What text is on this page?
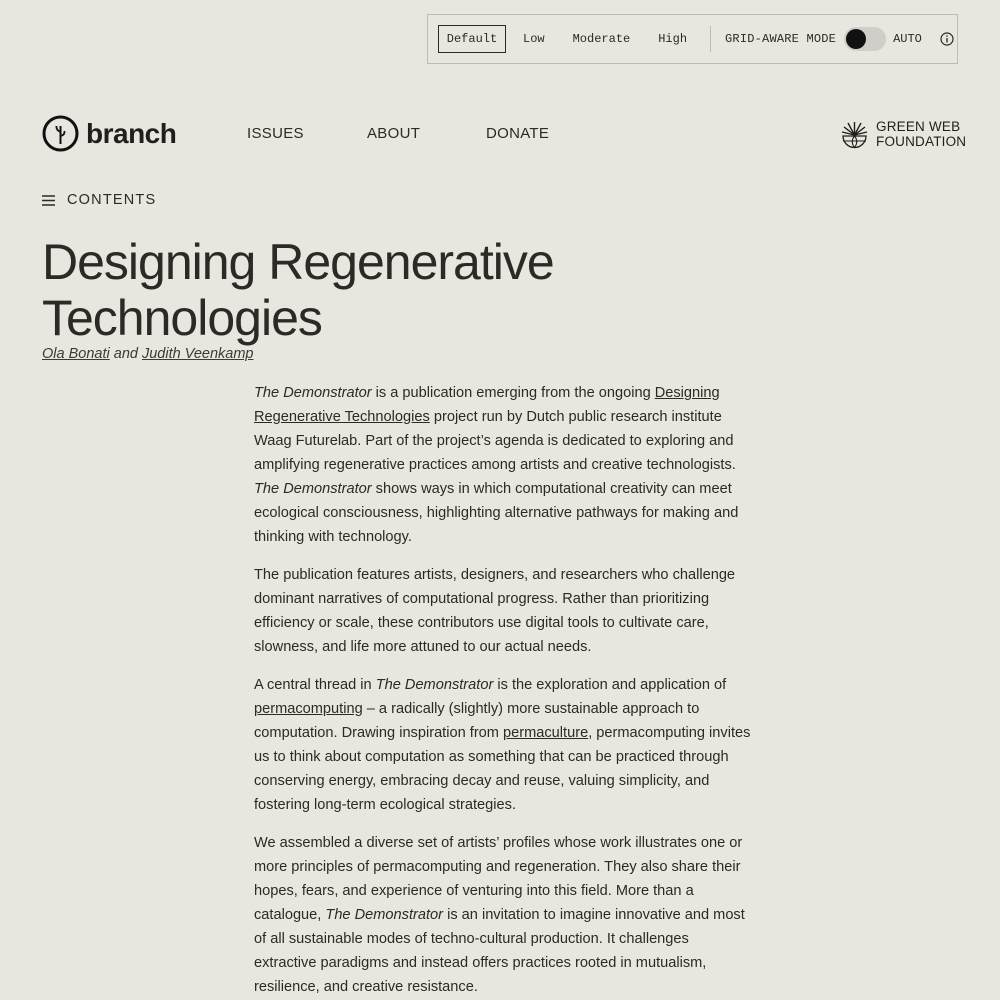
Default	Low Moderate High	GRID-AWARE MODE	AUTO
branch	ISSUES	ABOUT	DONATE	GREEN WEB
FOUNDATION
CONTENTS
Designing Regenerative
Technologies
Ola Bonati and Judith Veenkamp

The Demonstrator is a publication emerging from the ongoing Designing Regenerative Technologies project run by Dutch public research institute Waag Futurelab. Part of the project’s agenda is dedicated to exploring and amplifying regenerative practices among artists and creative technologists. The Demonstrator shows ways in which computational creativity can meet ecological consciousness, highlighting alternative pathways for making and thinking with technology.

The publication features artists, designers, and researchers who challenge dominant narratives of computational progress. Rather than prioritizing efficiency or scale, these contributors use digital tools to cultivate care, slowness, and life more attuned to our actual needs.

A central thread in The Demonstrator is the exploration and application of permacomputing – a radically (slightly) more sustainable approach to computation. Drawing inspiration from permaculture, permacomputing invites us to think about computation as something that can be practiced through conserving energy, embracing decay and reuse, valuing simplicity, and fostering long-term ecological strategies.

We assembled a diverse set of artists’ profiles whose work illustrates one or more principles of permacomputing and regeneration. They also share their hopes, fears, and experience of venturing into this field. More than a catalogue, The Demonstrator is an invitation to imagine innovative and most of all sustainable modes of techno-cultural production. It challenges extractive paradigms and instead offers practices rooted in mutualism, resilience, and creative resistance.
